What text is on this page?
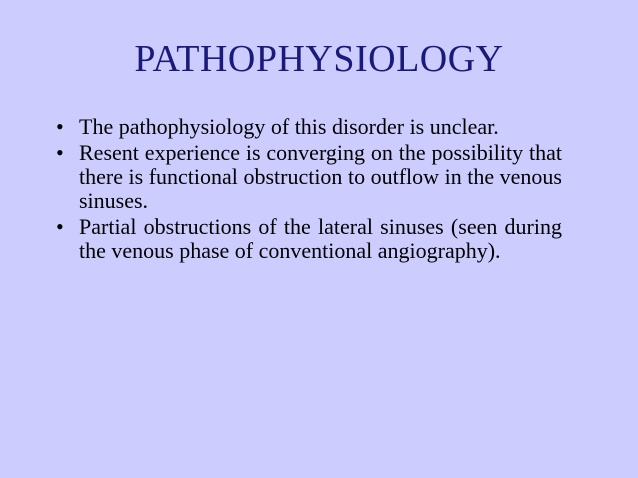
PATHOPHYSIOLOGY
• The pathophysiology of this disorder is unclear.
• Resent experience is converging on the possibility that there is functional obstruction to outflow in the venous sinuses.
• Partial obstructions of the lateral sinuses (seen during the venous phase of conventional angiography).
